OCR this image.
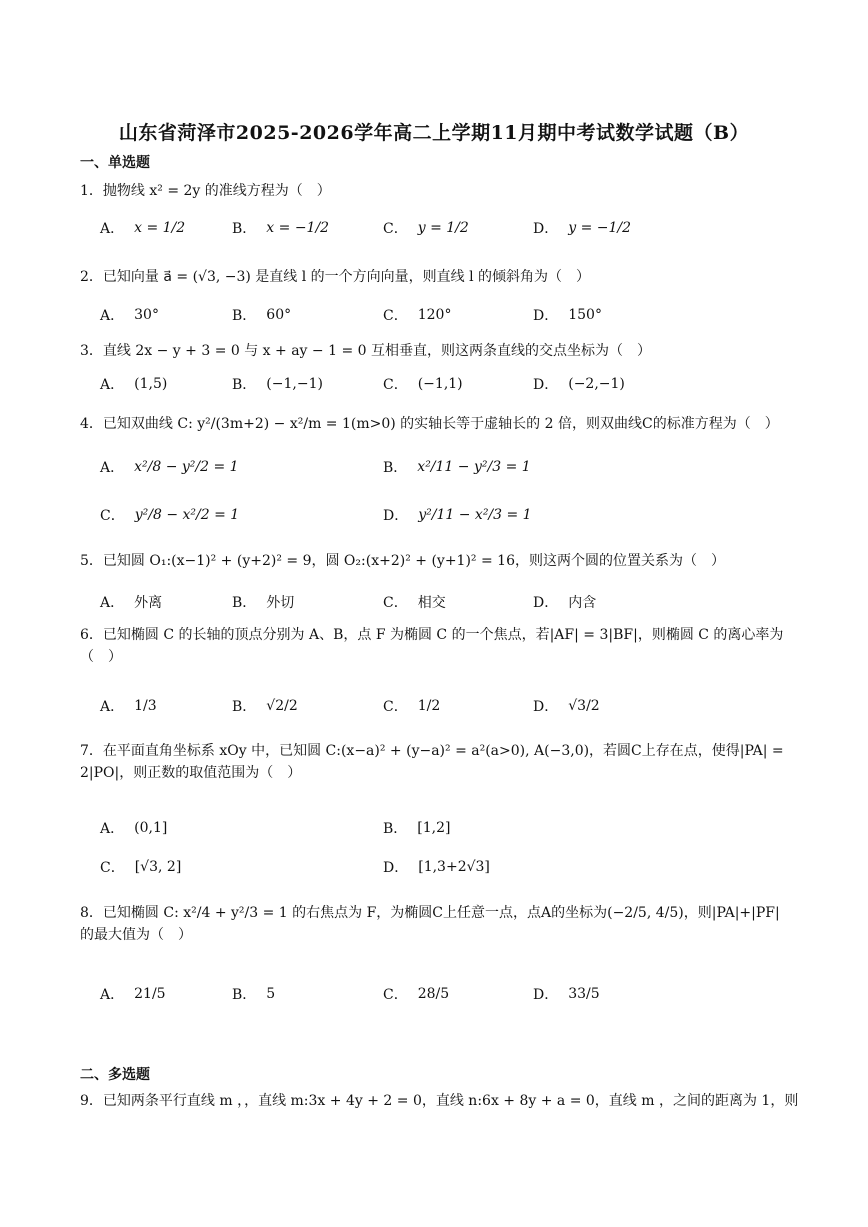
山东省菏泽市2025-2026学年高二上学期11月期中考试数学试题（B）
一、单选题
1．抛物线 x² = 2y 的准线方程为（　）
A． x = 1/2	B． x = −1/2	C． y = 1/2	D． y = −1/2
2．已知向量 a⃗ = (√3, −3) 是直线 l 的一个方向向量，则直线 l 的倾斜角为（　）
A． 30°	B． 60°	C． 120°	D． 150°
3．直线 2x − y + 3 = 0 与 x + ay − 1 = 0 互相垂直，则这两条直线的交点坐标为（　）
A． (1,5)	B． (−1,−1)	C． (−1,1)	D． (−2,−1)
4．已知双曲线 C: y²/(3m+2) − x²/m = 1(m>0) 的实轴长等于虚轴长的 2 倍，则双曲线C的标准方程为（　）
A． x²/8 − y²/2 = 1	B． x²/11 − y²/3 = 1
C． y²/8 − x²/2 = 1	D． y²/11 − x²/3 = 1
5．已知圆 O₁:(x−1)² + (y+2)² = 9，圆 O₂:(x+2)² + (y+1)² = 16，则这两个圆的位置关系为（　）
A． 外离	B． 外切	C． 相交	D． 内含
6．已知椭圆 C 的长轴的顶点分别为 A、B，点 F 为椭圆 C 的一个焦点，若|AF| = 3|BF|，则椭圆 C 的离心率为（　）
A． 1/3	B． √2/2	C． 1/2	D． √3/2
7．在平面直角坐标系 xOy 中，已知圆 C:(x−a)² + (y−a)² = a²(a>0), A(−3,0)，若圆C上存在点，使得|PA| = 2|PO|，则正数的取值范围为（　）
A． (0,1]	B． [1,2]
C． [√3, 2]	D． [1,3+2√3]
8．已知椭圆 C: x²/4 + y²/3 = 1 的右焦点为 F，为椭圆C上任意一点，点A的坐标为(−2/5, 4/5)，则|PA|+|PF|的最大值为（　）
A． 21/5	B． 5	C． 28/5	D． 33/5
二、多选题
9．已知两条平行直线 m ，，直线 m:3x + 4y + 2 = 0，直线 n:6x + 8y + a = 0，直线 m ，之间的距离为 1，则
